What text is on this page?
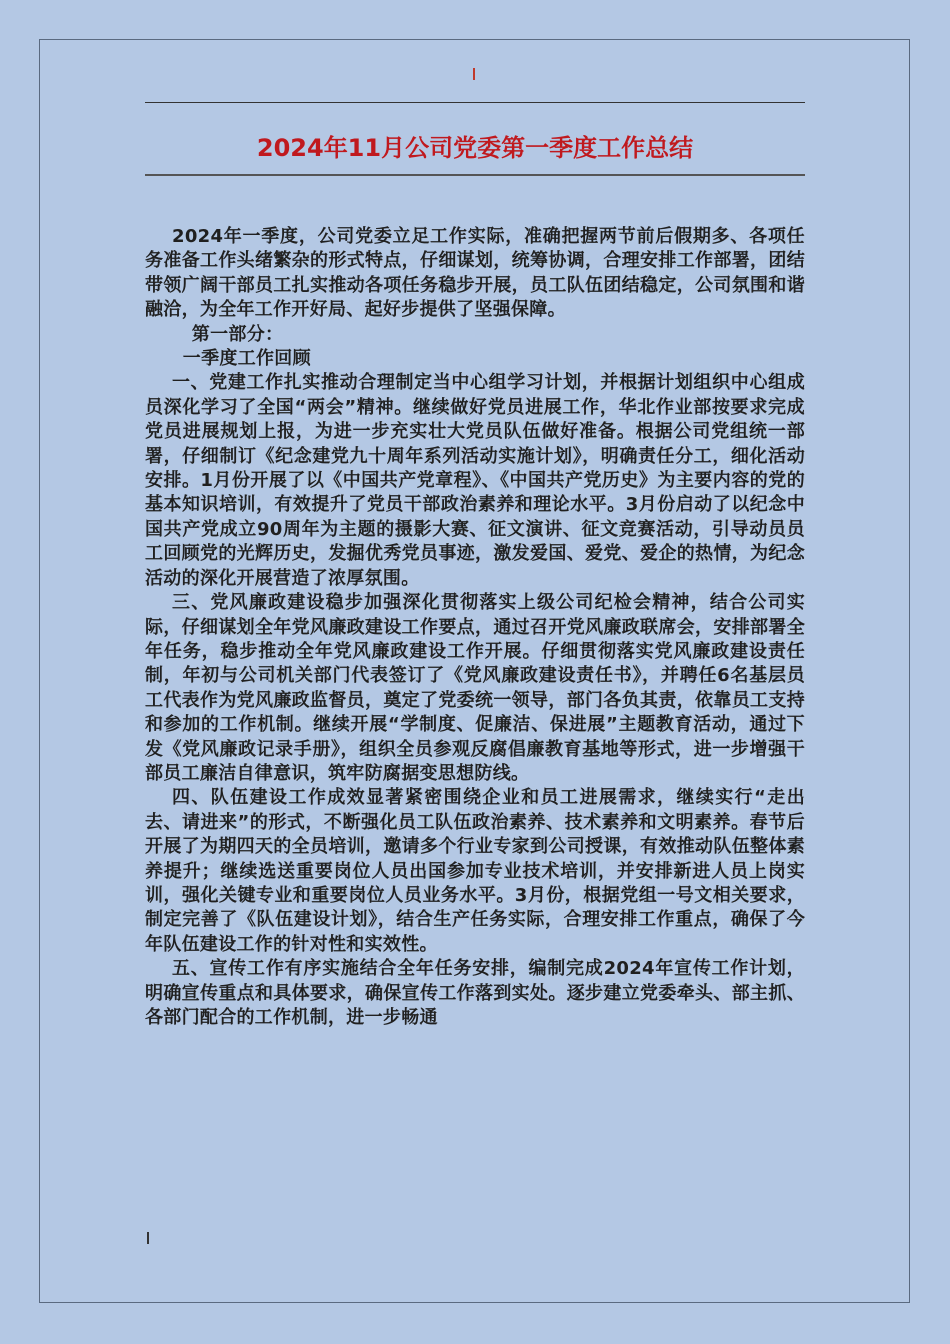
2024年11月公司党委第一季度工作总结

2024年一季度，公司党委立足工作实际，准确把握两节前后假期多、各项任务准备工作头绪繁杂的形式特点，仔细谋划，统筹协调，合理安排工作部署，团结带领广阔干部员工扎实推动各项任务稳步开展，员工队伍团结稳定，公司氛围和谐融洽，为全年工作开好局、起好步提供了坚强保障。

第一部分：

一季度工作回顾

一、党建工作扎实推动合理制定当中心组学习计划，并根据计划组织中心组成员深化学习了全国“两会”精神。继续做好党员进展工作，华北作业部按要求完成党员进展规划上报，为进一步充实壮大党员队伍做好准备。根据公司党组统一部署，仔细制订《纪念建党九十周年系列活动实施计划》，明确责任分工，细化活动安排。1月份开展了以《中国共产党章程》、《中国共产党历史》为主要内容的党的基本知识培训，有效提升了党员干部政治素养和理论水平。3月份启动了以纪念中国共产党成立90周年为主题的摄影大赛、征文演讲、征文竞赛活动，引导动员员工回顾党的光辉历史，发掘优秀党员事迹，激发爱国、爱党、爱企的热情，为纪念活动的深化开展营造了浓厚氛围。

三、党风廉政建设稳步加强深化贯彻落实上级公司纪检会精神，结合公司实际，仔细谋划全年党风廉政建设工作要点，通过召开党风廉政联席会，安排部署全年任务，稳步推动全年党风廉政建设工作开展。仔细贯彻落实党风廉政建设责任制，年初与公司机关部门代表签订了《党风廉政建设责任书》，并聘任6名基层员工代表作为党风廉政监督员，奠定了党委统一领导，部门各负其责，依靠员工支持和参加的工作机制。继续开展“学制度、促廉洁、保进展”主题教育活动，通过下发《党风廉政记录手册》，组织全员参观反腐倡廉教育基地等形式，进一步增强干部员工廉洁自律意识，筑牢防腐据变思想防线。

四、队伍建设工作成效显著紧密围绕企业和员工进展需求，继续实行“走出去、请进来”的形式，不断强化员工队伍政治素养、技术素养和文明素养。春节后开展了为期四天的全员培训，邀请多个行业专家到公司授课，有效推动队伍整体素养提升；继续选送重要岗位人员出国参加专业技术培训，并安排新进人员上岗实训，强化关键专业和重要岗位人员业务水平。3月份，根据党组一号文相关要求，制定完善了《队伍建设计划》，结合生产任务实际，合理安排工作重点，确保了今年队伍建设工作的针对性和实效性。

五、宣传工作有序实施结合全年任务安排，编制完成2024年宣传工作计划，明确宣传重点和具体要求，确保宣传工作落到实处。逐步建立党委牵头、部主抓、各部门配合的工作机制，进一步畅通
